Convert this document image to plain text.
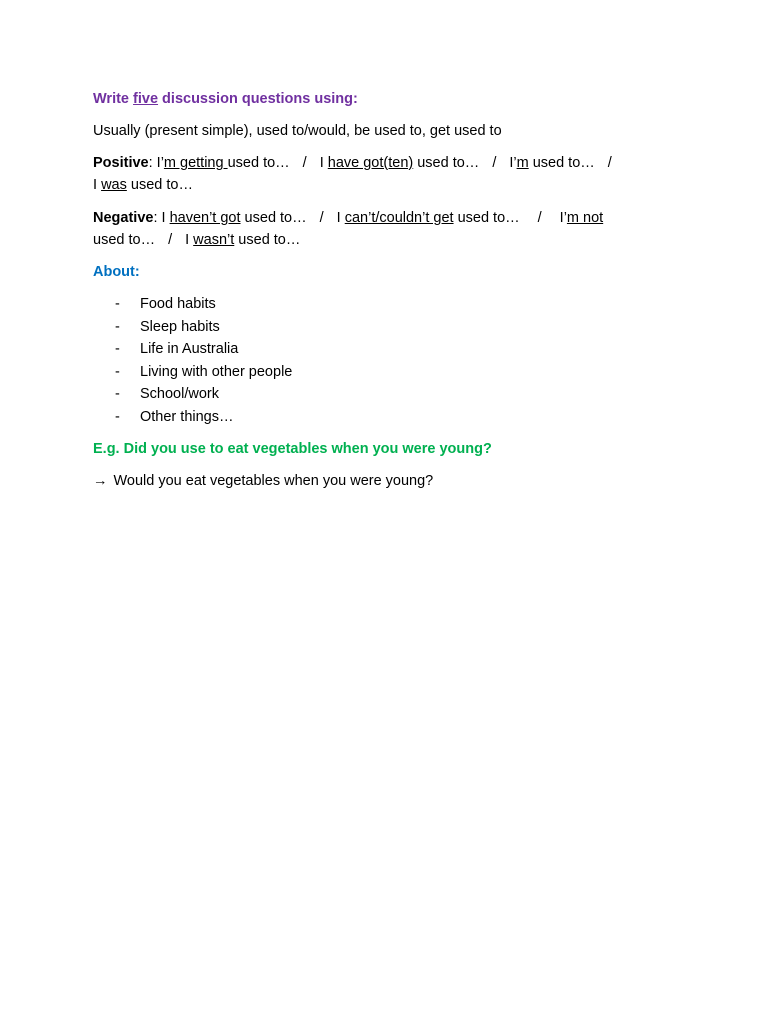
Write five discussion questions using:
Usually (present simple), used to/would, be used to, get used to
Positive: I’m getting used to… / I have got(ten) used to… / I’m used to… /
I was used to…
Negative: I haven’t got used to… / I can’t/couldn’t get used to… / I’m not
used to… / I wasn’t used to…
About:
- Food habits
- Sleep habits
- Life in Australia
- Living with other people
- School/work
- Other things…
E.g. Did you use to eat vegetables when you were young?
→ Would you eat vegetables when you were young?
